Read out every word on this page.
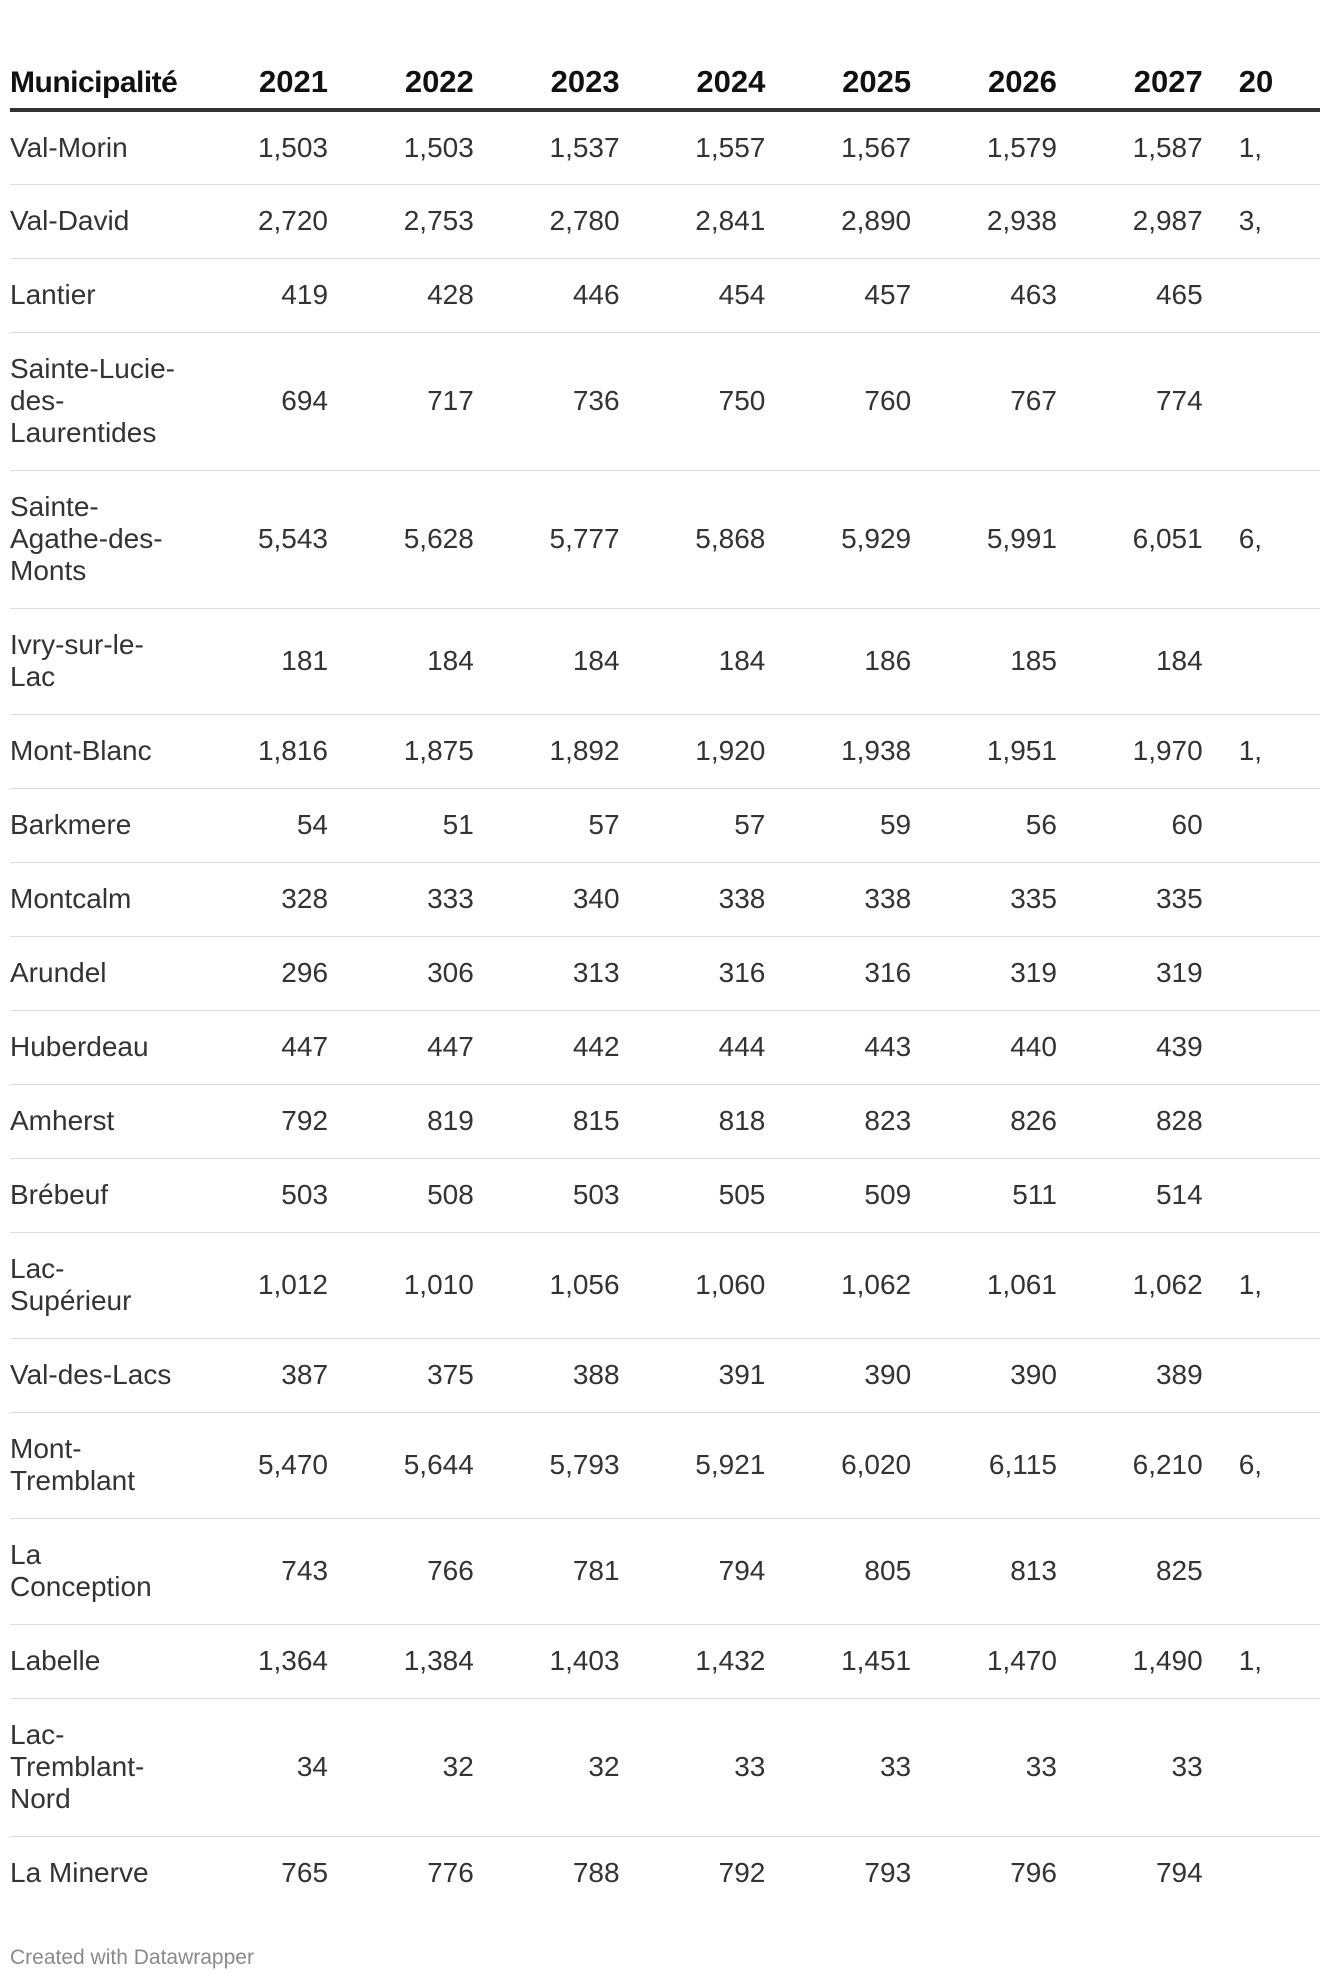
Municipalité	2021	2022	2023	2024	2025	2026	2027	20
Val-​Morin	1,503	1,503	1,537	1,557	1,567	1,579	1,587	1,
Val-​David	2,720	2,753	2,780	2,841	2,890	2,938	2,987	3,
Lantier	419	428	446	454	457	463	465	
Sainte-​Lucie-​des-​Laurentides	694	717	736	750	760	767	774	
Sainte-​Agathe-​des-​Monts	5,543	5,628	5,777	5,868	5,929	5,991	6,051	6,
Ivry-​sur-​le-​Lac	181	184	184	184	186	185	184	
Mont-​Blanc	1,816	1,875	1,892	1,920	1,938	1,951	1,970	1,
Barkmere	54	51	57	57	59	56	60	
Montcalm	328	333	340	338	338	335	335	
Arundel	296	306	313	316	316	319	319	
Huberdeau	447	447	442	444	443	440	439	
Amherst	792	819	815	818	823	826	828	
Brébeuf	503	508	503	505	509	511	514	
Lac-​Supérieur	1,012	1,010	1,056	1,060	1,062	1,061	1,062	1,
Val-​des-​Lacs	387	375	388	391	390	390	389	
Mont-​Tremblant	5,470	5,644	5,793	5,921	6,020	6,115	6,210	6,
La Conception	743	766	781	794	805	813	825	
Labelle	1,364	1,384	1,403	1,432	1,451	1,470	1,490	1,
Lac-​Tremblant-​Nord	34	32	32	33	33	33	33	
La Minerve	765	776	788	792	793	796	794	
Created with Datawrapper
